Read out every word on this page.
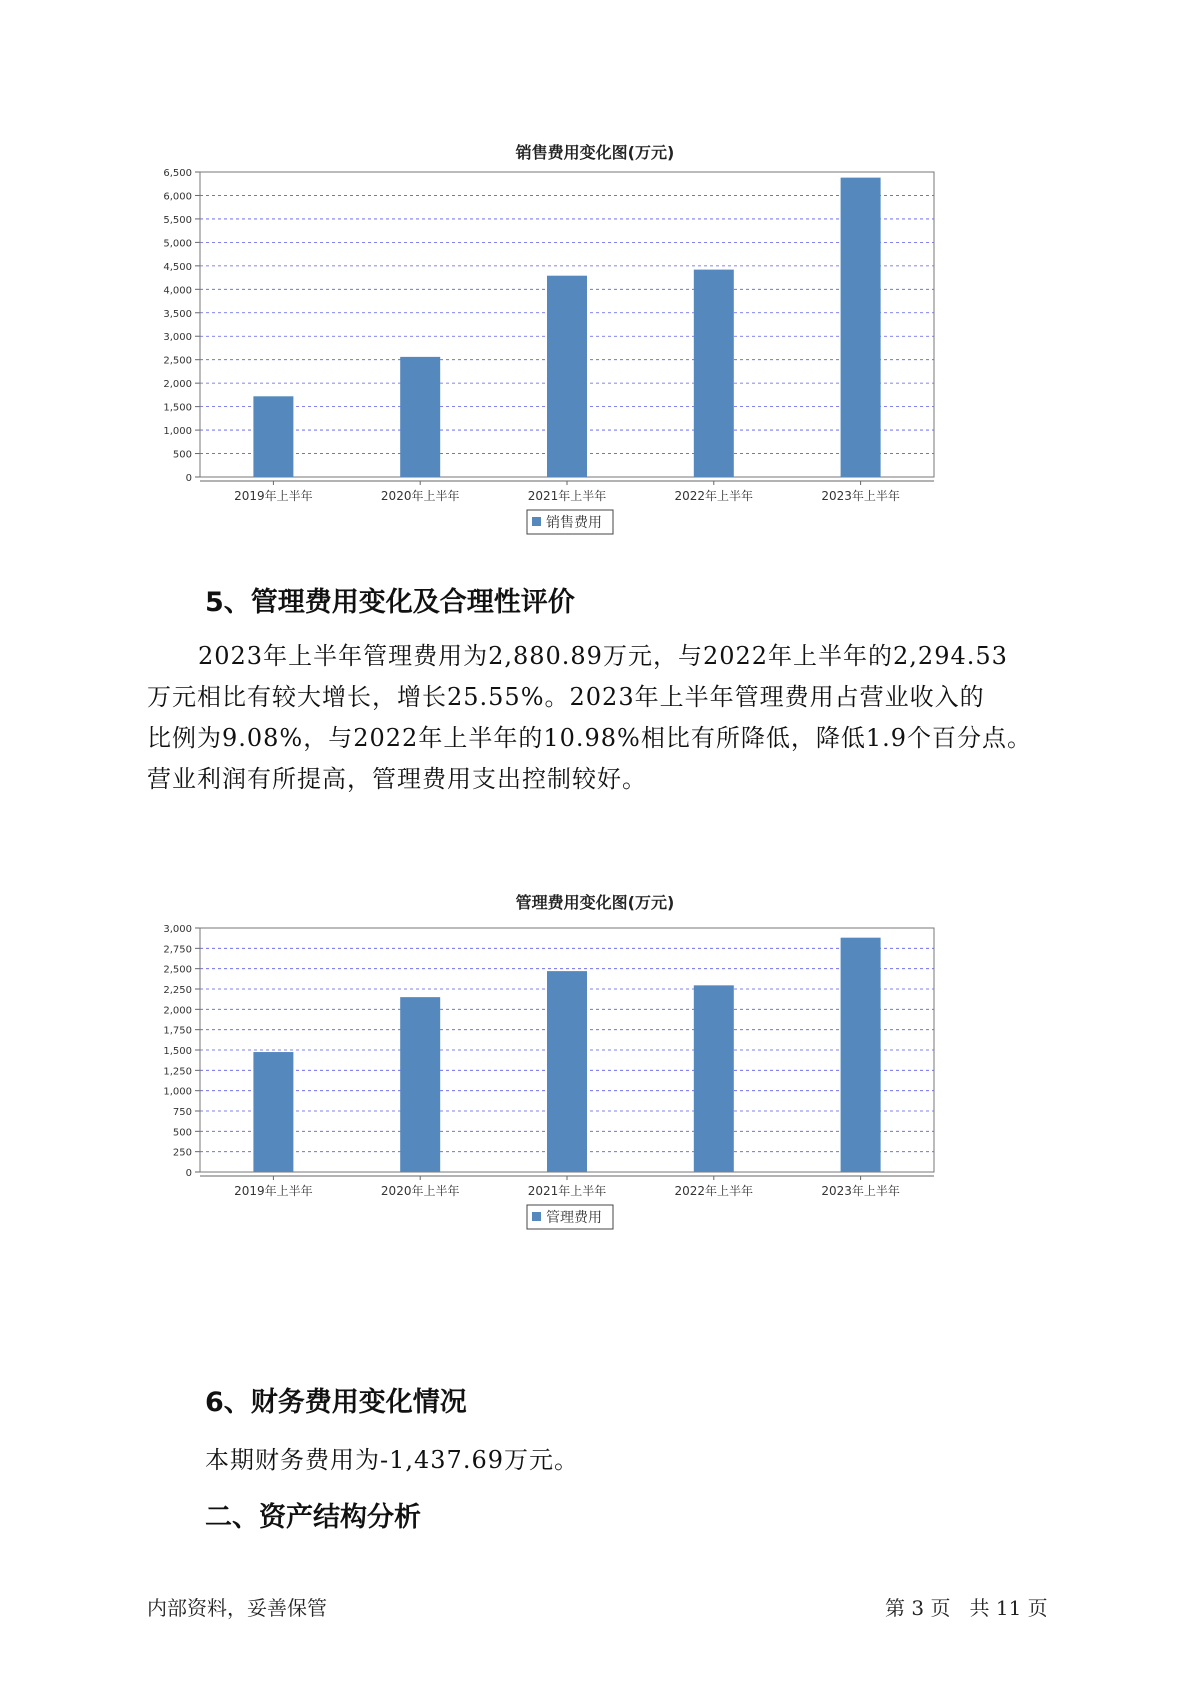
销售费用变化图(万元)
0
500
1,000
1,500
2,000
2,500
3,000
3,500
4,000
4,500
5,000
5,500
6,000
6,500
2019年上半年	2020年上半年	2021年上半年	2022年上半年	2023年上半年
销售费用
5、管理费用变化及合理性评价
2023年上半年管理费用为2,880.89万元，与2022年上半年的2,294.53
万元相比有较大增长，增长25.55%。2023年上半年管理费用占营业收入的
比例为9.08%，与2022年上半年的10.98%相比有所降低，降低1.9个百分点。
营业利润有所提高，管理费用支出控制较好。
管理费用变化图(万元)
0
250
500
750
1,000
1,250
1,500
1,750
2,000
2,250
2,500
2,750
3,000
2019年上半年	2020年上半年	2021年上半年	2022年上半年	2023年上半年
管理费用
6、财务费用变化情况
本期财务费用为-1,437.69万元。
二、资产结构分析
内部资料，妥善保管	第 3 页   共 11 页
